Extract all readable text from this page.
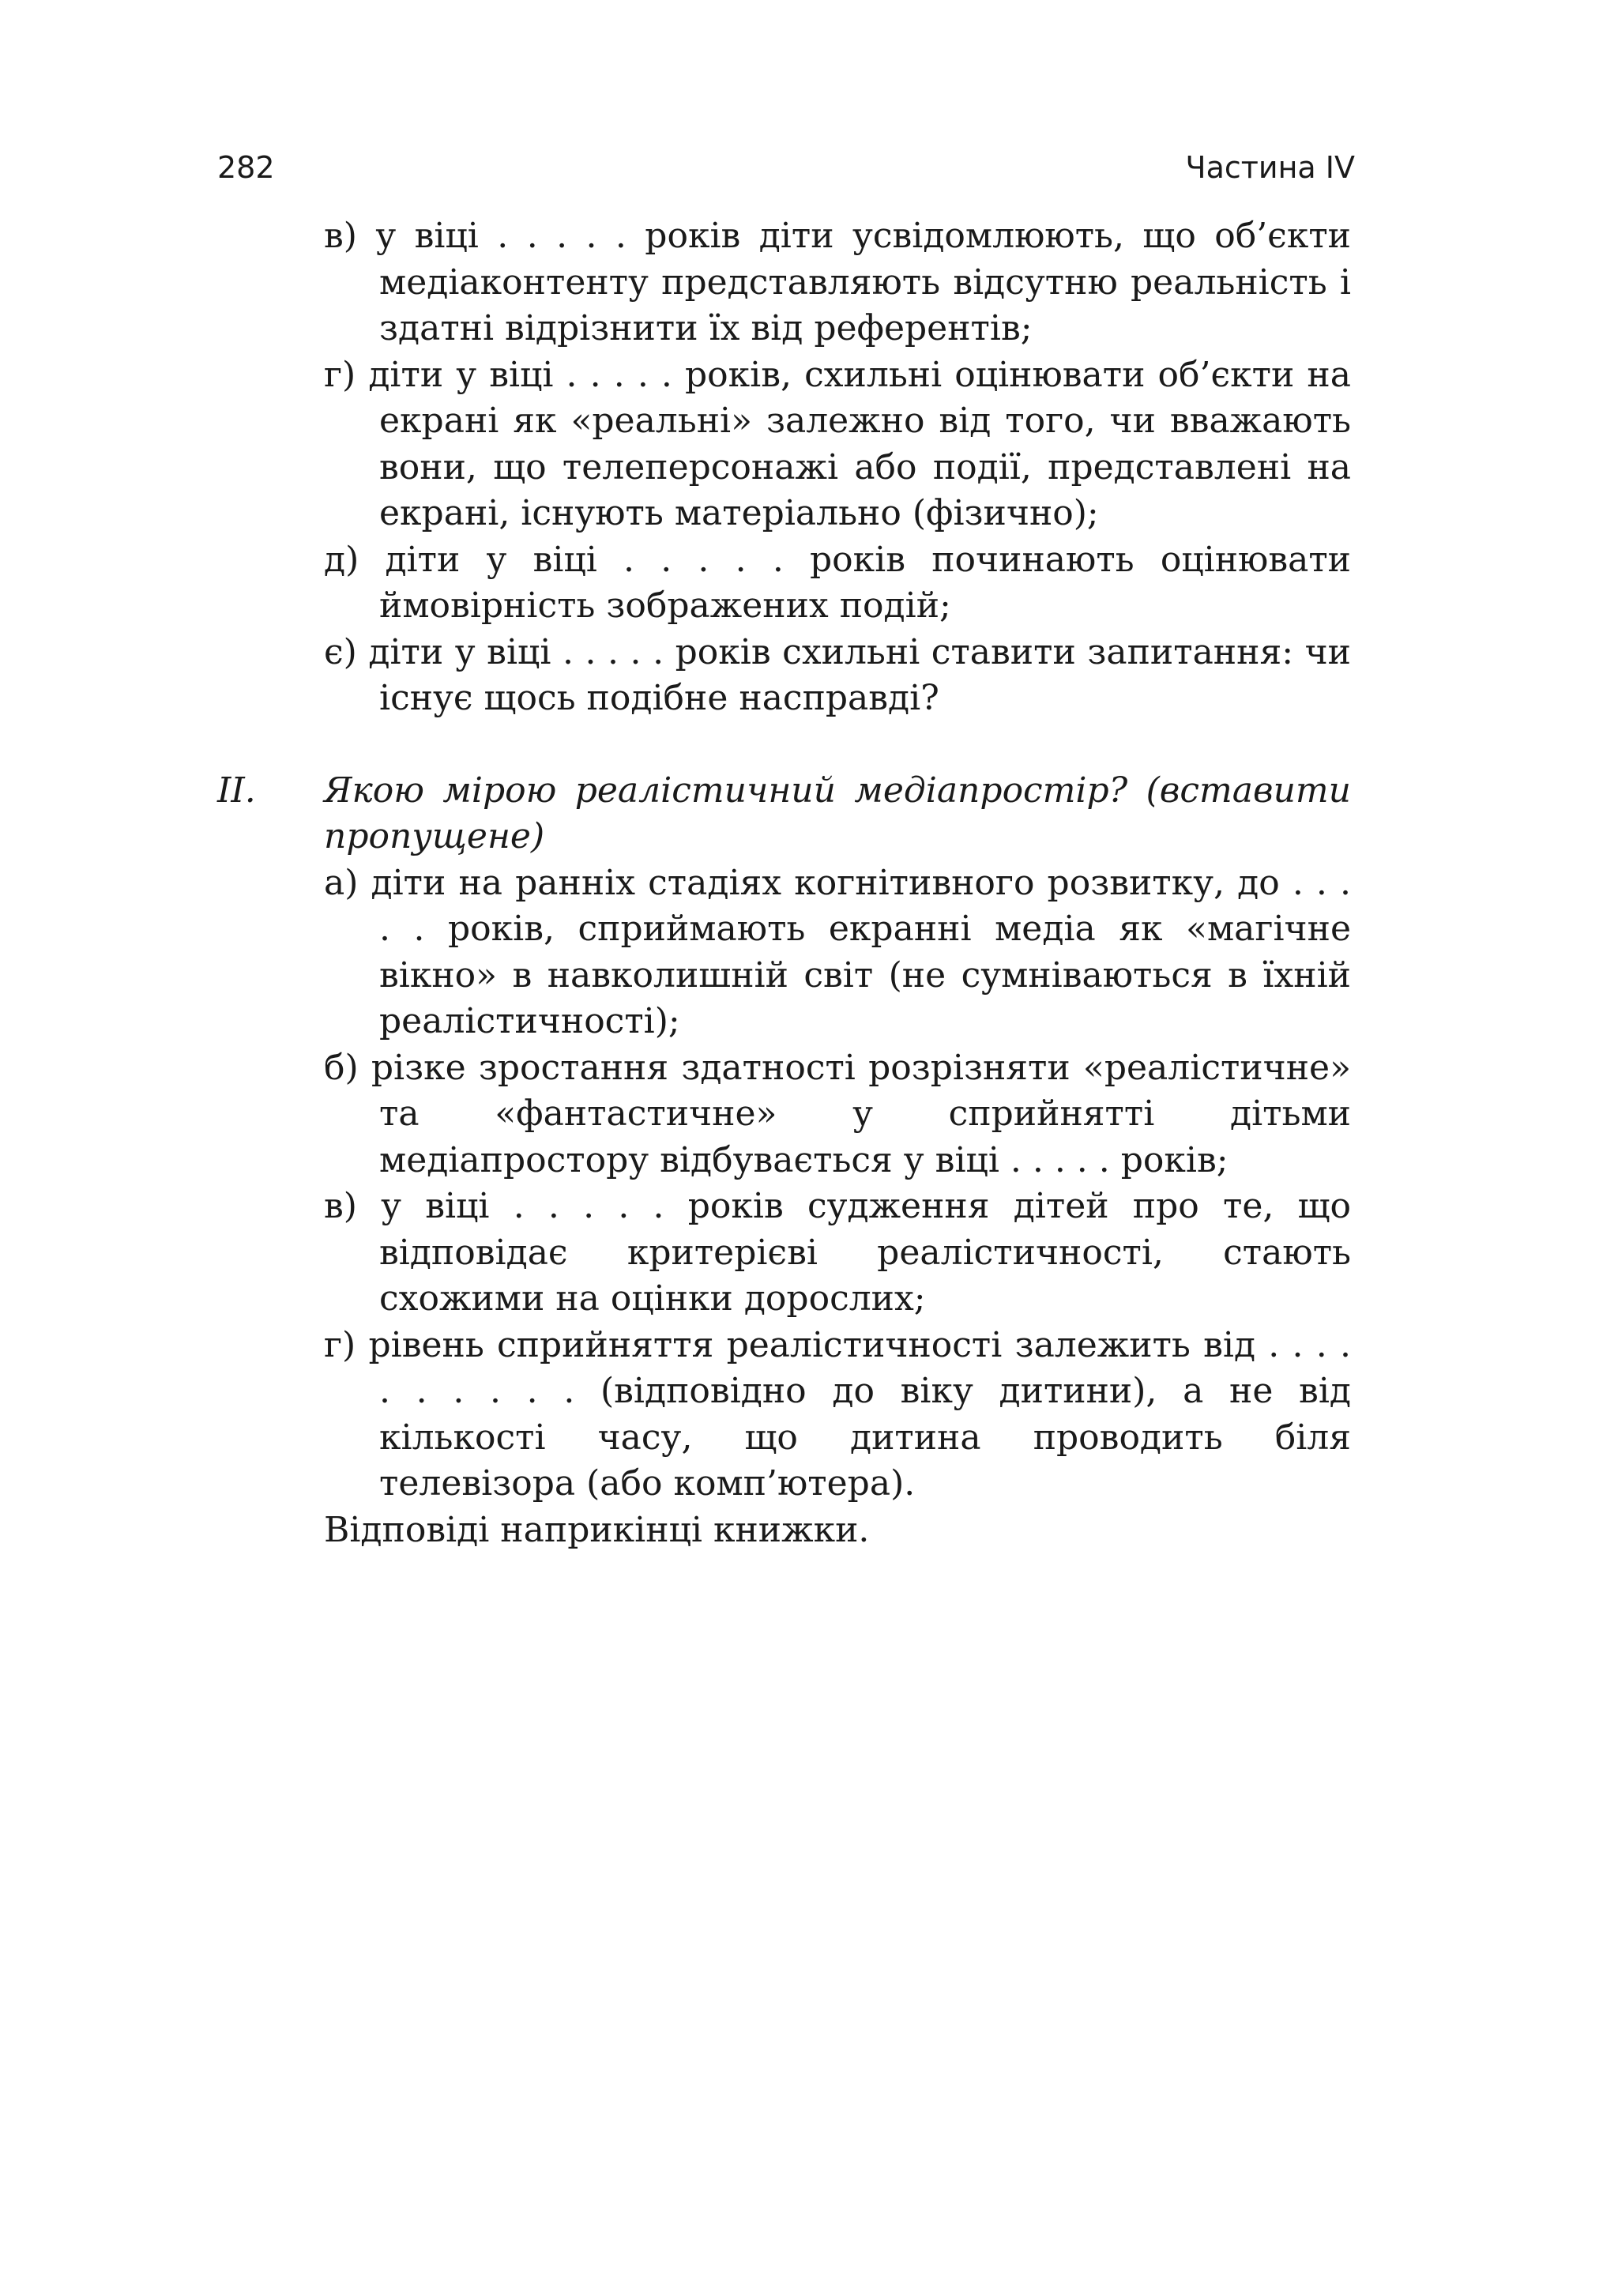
282	Частина IV

в) у віці . . . . . років діти усвідомлюють, що об’єкти медіаконтенту представляють відсутню реальність і здатні відрізнити їх від референтів;

г) діти у віці . . . . . років, схильні оцінювати об’єкти на екрані як «реальні» залежно від того, чи вважають вони, що телеперсонажі або події, представлені на екрані, існують матеріально (фізично);

д) діти у віці . . . . . років починають оцінювати ймовірність зображених подій;

є) діти у віці . . . . . років схильні ставити запитання: чи існує щось подібне насправді?

II. Якою мірою реалістичний медіапростір? (вставити пропущене)

а) діти на ранніх стадіях когнітивного розвитку, до . . . . . років, сприймають екранні медіа як «магічне вікно» в навколишній світ (не сумніваються в їхній реалістичності);

б) різке зростання здатності розрізняти «реалістичне» та «фантастичне» у сприйнятті дітьми медіапростору відбувається у віці . . . . . років;

в) у віці . . . . . років судження дітей про те, що відповідає критерієві реалістичності, стають схожими на оцінки дорослих;

г) рівень сприйняття реалістичності залежить від . . . . . . . . . . (відповідно до віку дитини), а не від кількості часу, що дитина проводить біля телевізора (або комп’ютера).

Відповіді наприкінці книжки.
